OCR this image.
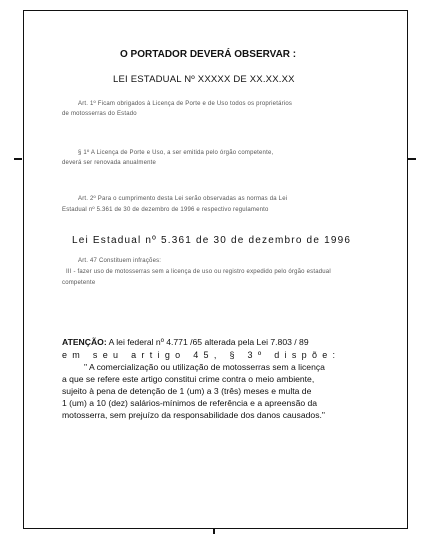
O PORTADOR DEVERÁ OBSERVAR :
LEI ESTADUAL Nº XXXXX DE XX.XX.XX
Art. 1º Ficam obrigados à Licença de Porte e de Uso todos os proprietários
de motosserras do Estado
§ 1º A Licença de Porte e Uso, a ser emitida pelo órgão competente,
deverá ser renovada anualmente
Art. 2º Para o cumprimento desta Lei serão observadas as normas da Lei
Estadual nº 5.361 de 30 de dezembro de 1996 e respectivo regulamento
Lei Estadual nº 5.361 de 30 de dezembro de 1996
Art. 47 Constituem infrações:
III - fazer uso de motosserras sem a licença de uso ou registro expedido pelo órgão estadual
competente
ATENÇÃO: A lei federal nº 4.771 /65 alterada pela Lei 7.803 / 89
em seu artigo 45, § 3º dispõe:
" A comercialização ou utilização de motosserras sem a licença
a que se refere este artigo constitui crime contra o meio ambiente,
sujeito à pena de detenção de 1 (um) a 3 (três) meses e multa de
1 (um) a 10 (dez) salários-mínimos de referência e a apreensão da
motosserra, sem prejuízo da responsabilidade dos danos causados."
